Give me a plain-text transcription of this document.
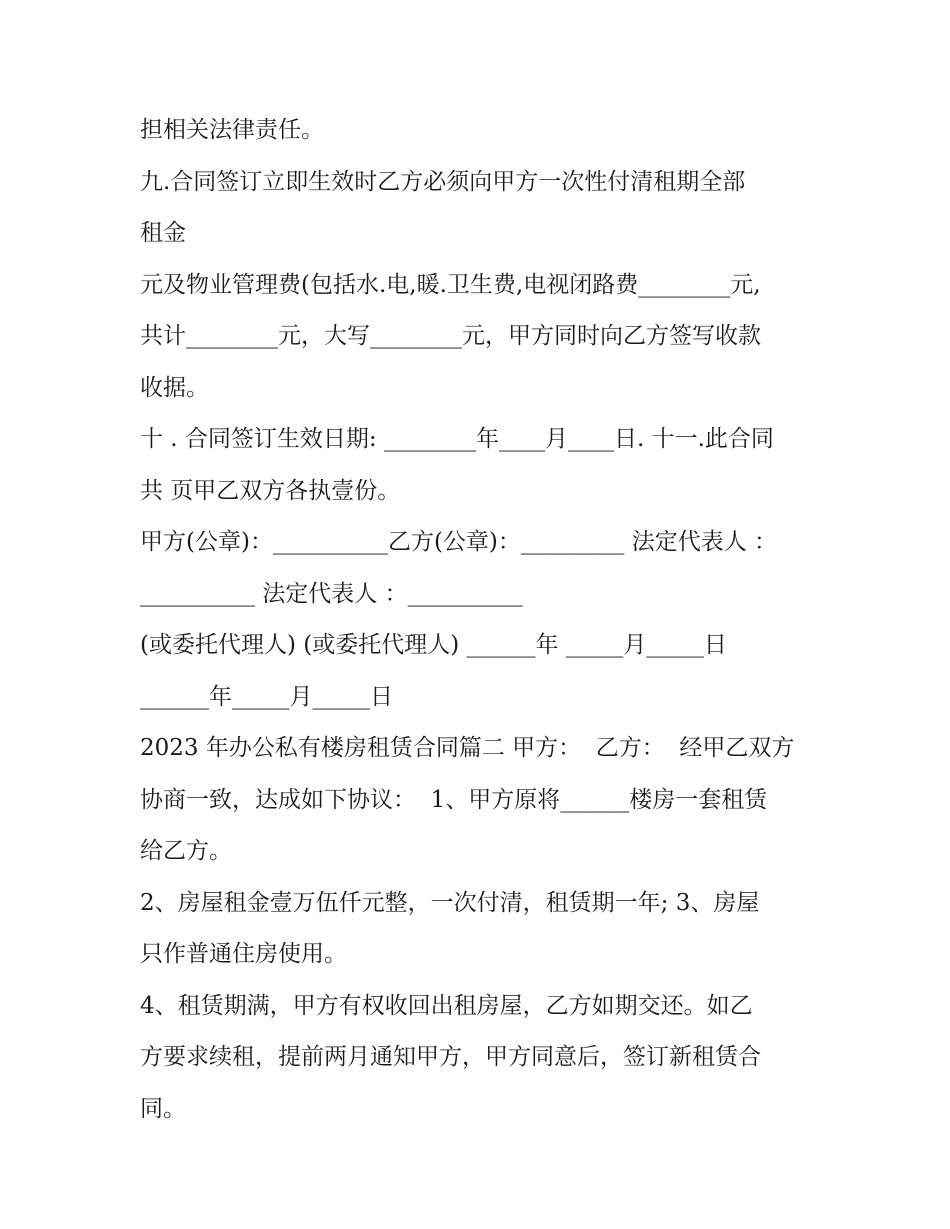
担相关法律责任。
九.合同签订立即生效时乙方必须向甲方一次性付清租期全部
租金
元及物业管理费(包括水.电,暖.卫生费,电视闭路费________元,
共计________元，大写________元，甲方同时向乙方签写收款
收据。
十 . 合同签订生效日期: ________年____月____日. 十一.此合同
共 页甲乙双方各执壹份。
甲方(公章)：__________乙方(公章)：_________ 法定代表人 ：
__________ 法定代表人 ：__________
(或委托代理人) (或委托代理人) ______年 _____月_____日
______年_____月_____日
2023 年办公私有楼房租赁合同篇二 甲方：  乙方：  经甲乙双方
协商一致，达成如下协议：  1、甲方原将______楼房一套租赁
给乙方。
2、房屋租金壹万伍仟元整，一次付清，租赁期一年; 3、房屋
只作普通住房使用。
4、租赁期满，甲方有权收回出租房屋，乙方如期交还。如乙
方要求续租，提前两月通知甲方，甲方同意后，签订新租赁合
同。
